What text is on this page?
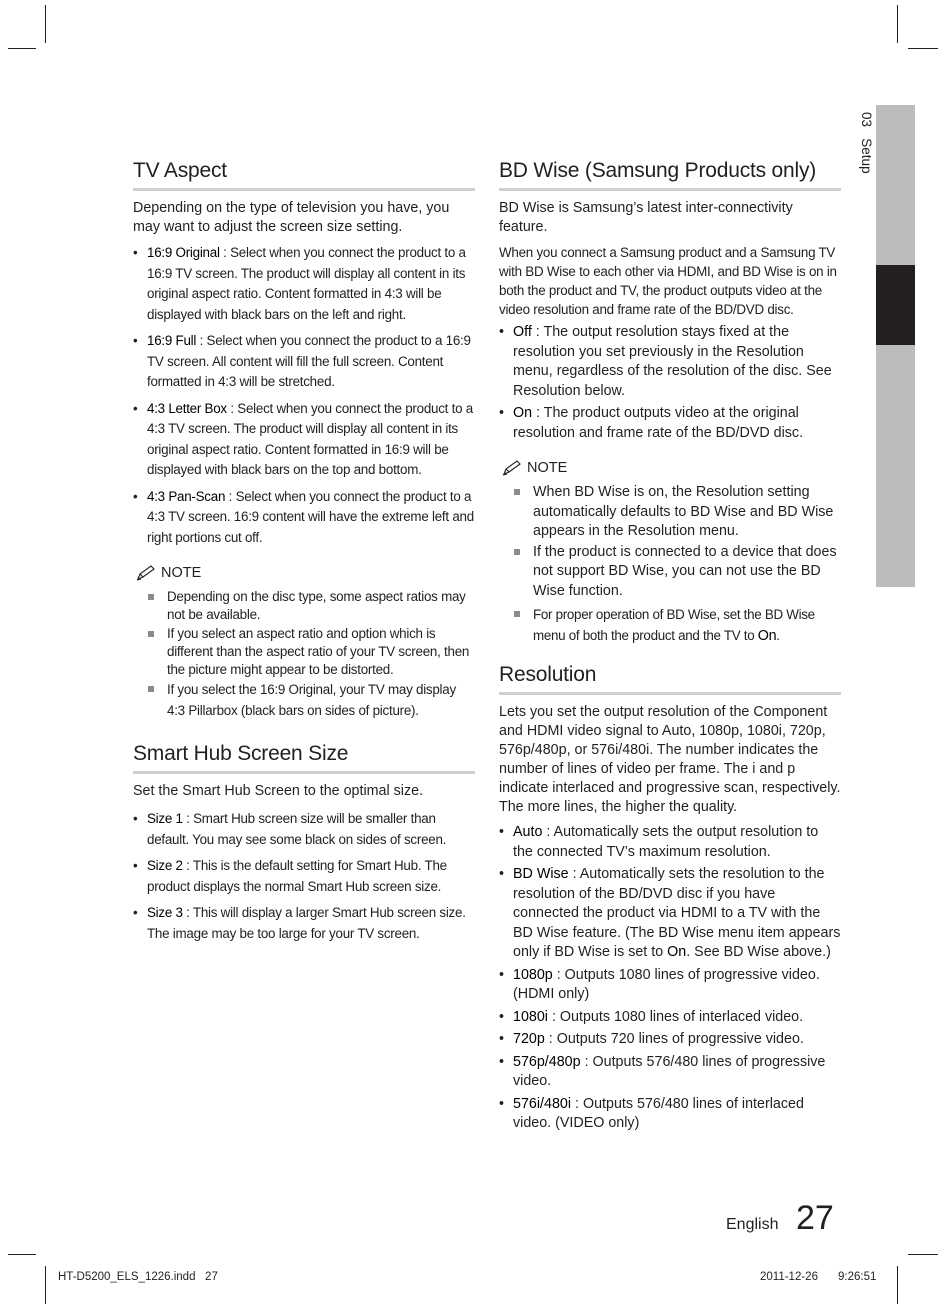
03   Setup
TV Aspect

Depending on the type of television you have, you may want to adjust the screen size setting.

• 16:9 Original : Select when you connect the product to a 16:9 TV screen. The product will display all content in its original aspect ratio. Content formatted in 4:3 will be displayed with black bars on the left and right.
• 16:9 Full : Select when you connect the product to a 16:9 TV screen. All content will fill the full screen. Content formatted in 4:3 will be stretched.
• 4:3 Letter Box : Select when you connect the product to a 4:3 TV screen. The product will display all content in its original aspect ratio. Content formatted in 16:9 will be displayed with black bars on the top and bottom.
• 4:3 Pan-Scan : Select when you connect the product to a 4:3 TV screen. 16:9 content will have the extreme left and right portions cut off.
NOTE
Depending on the disc type, some aspect ratios may not be available.
If you select an aspect ratio and option which is different than the aspect ratio of your TV screen, then the picture might appear to be distorted.
If you select the 16:9 Original, your TV may display 4:3 Pillarbox (black bars on sides of picture).
Smart Hub Screen Size

Set the Smart Hub Screen to the optimal size.

• Size 1 : Smart Hub screen size will be smaller than default. You may see some black on sides of screen.
• Size 2 : This is the default setting for Smart Hub. The product displays the normal Smart Hub screen size.
• Size 3 : This will display a larger Smart Hub screen size. The image may be too large for your TV screen.
BD Wise (Samsung Products only)

BD Wise is Samsung’s latest inter-connectivity feature.

When you connect a Samsung product and a Samsung TV with BD Wise to each other via HDMI, and BD Wise is on in both the product and TV, the product outputs video at the video resolution and frame rate of the BD/DVD disc.

• Off : The output resolution stays fixed at the resolution you set previously in the Resolution menu, regardless of the resolution of the disc. See Resolution below.
• On : The product outputs video at the original resolution and frame rate of the BD/DVD disc.
NOTE
When BD Wise is on, the Resolution setting automatically defaults to BD Wise and BD Wise appears in the Resolution menu.
If the product is connected to a device that does not support BD Wise, you can not use the BD Wise function.
For proper operation of BD Wise, set the BD Wise menu of both the product and the TV to On.
Resolution

Lets you set the output resolution of the Component and HDMI video signal to Auto, 1080p, 1080i, 720p, 576p/480p, or 576i/480i. The number indicates the number of lines of video per frame. The i and p indicate interlaced and progressive scan, respectively. The more lines, the higher the quality.

• Auto : Automatically sets the output resolution to the connected TV’s maximum resolution.
• BD Wise : Automatically sets the resolution to the resolution of the BD/DVD disc if you have connected the product via HDMI to a TV with the BD Wise feature. (The BD Wise menu item appears only if BD Wise is set to On. See BD Wise above.)
• 1080p : Outputs 1080 lines of progressive video. (HDMI only)
• 1080i : Outputs 1080 lines of interlaced video.
• 720p : Outputs 720 lines of progressive video.
• 576p/480p : Outputs 576/480 lines of progressive video.
• 576i/480i : Outputs 576/480 lines of interlaced video. (VIDEO only)
English 27
HT-D5200_ELS_1226.indd   27	2011-12-26 9:26:51
